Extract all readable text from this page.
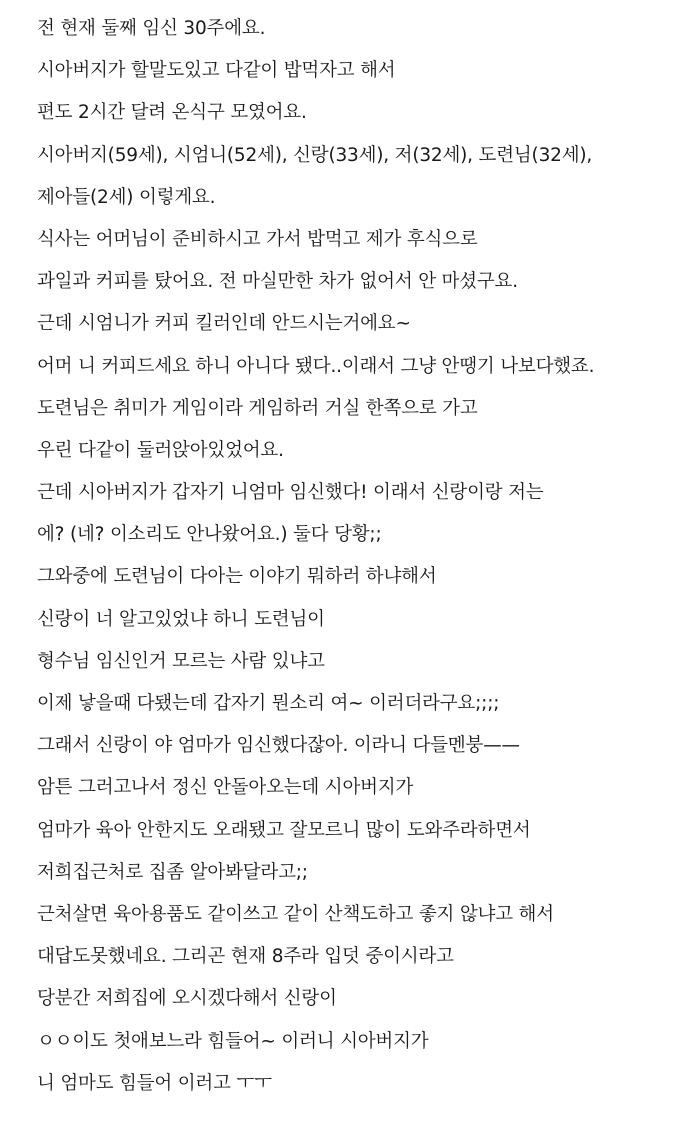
전 현재 둘째 임신 30주에요.

시아버지가 할말도있고 다같이 밥먹자고 해서

편도 2시간 달려 온식구 모였어요.

시아버지(59세), 시엄니(52세), 신랑(33세), 저(32세), 도련님(32세),

제아들(2세) 이렇게요.

식사는 어머님이 준비하시고 가서 밥먹고 제가 후식으로

과일과 커피를 탔어요. 전 마실만한 차가 없어서 안 마셨구요.

근데 시엄니가 커피 킬러인데 안드시는거에요~

어머 니 커피드세요 하니 아니다 됐다..이래서 그냥 안땡기 나보다했죠.

도련님은 취미가 게임이라 게임하러 거실 한쪽으로 가고

우린 다같이 둘러앉아있었어요.

근데 시아버지가 갑자기 니엄마 임신했다! 이래서 신랑이랑 저는

에? (네? 이소리도 안나왔어요.) 둘다 당황;;

그와중에 도련님이 다아는 이야기 뭐하러 하냐해서

신랑이 너 알고있었냐 하니 도련님이

형수님 임신인거 모르는 사람 있냐고

이제 낳을때 다됐는데 갑자기 뭔소리 여~ 이러더라구요;;;;

그래서 신랑이 야 엄마가 임신했다잖아. 이라니 다들멘붕——

암튼 그러고나서 정신 안돌아오는데 시아버지가

엄마가 육아 안한지도 오래됐고 잘모르니 많이 도와주라하면서

저희집근처로 집좀 알아봐달라고;;

근처살면 육아용품도 같이쓰고 같이 산책도하고 좋지 않냐고 해서

대답도못했네요. 그리곤 현재 8주라 입덧 중이시라고

당분간 저희집에 오시겠다해서 신랑이

ㅇㅇ이도 첫애보느라 힘들어~ 이러니 시아버지가

니 엄마도 힘들어 이러고 ㅜㅜ
